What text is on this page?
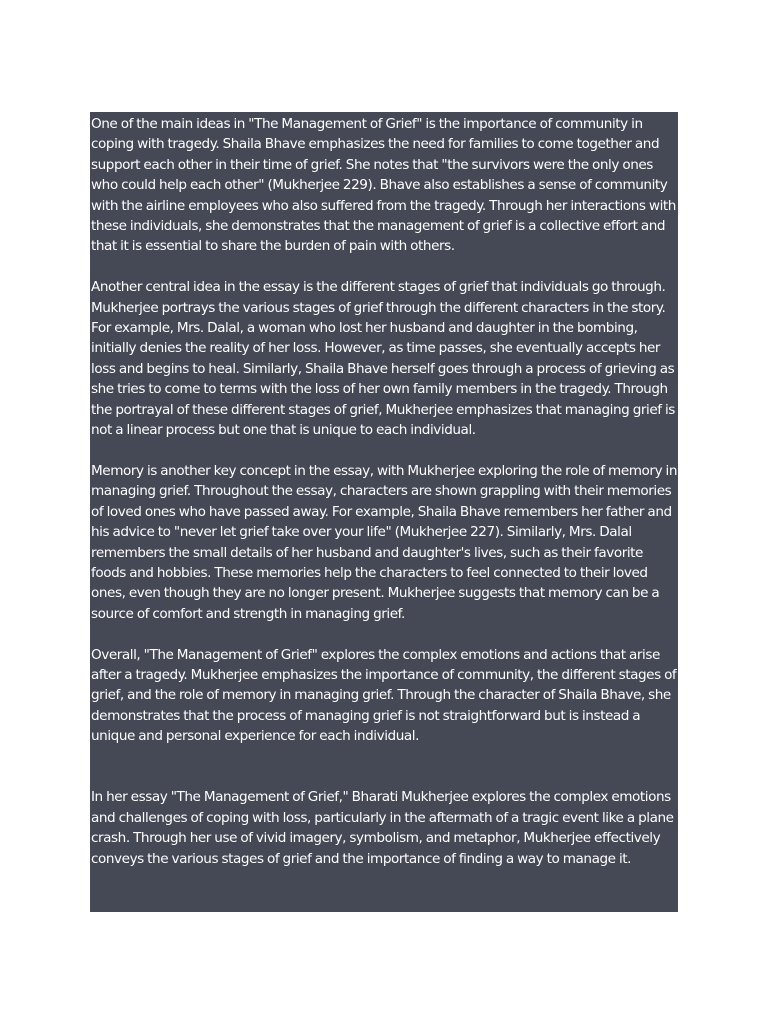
One of the main ideas in "The Management of Grief" is the importance of community in coping with tragedy. Shaila Bhave emphasizes the need for families to come together and support each other in their time of grief. She notes that "the survivors were the only ones who could help each other" (Mukherjee 229). Bhave also establishes a sense of community with the airline employees who also suffered from the tragedy. Through her interactions with these individuals, she demonstrates that the management of grief is a collective effort and that it is essential to share the burden of pain with others.

Another central idea in the essay is the different stages of grief that individuals go through. Mukherjee portrays the various stages of grief through the different characters in the story. For example, Mrs. Dalal, a woman who lost her husband and daughter in the bombing, initially denies the reality of her loss. However, as time passes, she eventually accepts her loss and begins to heal. Similarly, Shaila Bhave herself goes through a process of grieving as she tries to come to terms with the loss of her own family members in the tragedy. Through the portrayal of these different stages of grief, Mukherjee emphasizes that managing grief is not a linear process but one that is unique to each individual.

Memory is another key concept in the essay, with Mukherjee exploring the role of memory in managing grief. Throughout the essay, characters are shown grappling with their memories of loved ones who have passed away. For example, Shaila Bhave remembers her father and his advice to "never let grief take over your life" (Mukherjee 227). Similarly, Mrs. Dalal remembers the small details of her husband and daughter's lives, such as their favorite foods and hobbies. These memories help the characters to feel connected to their loved ones, even though they are no longer present. Mukherjee suggests that memory can be a source of comfort and strength in managing grief.

Overall, "The Management of Grief" explores the complex emotions and actions that arise after a tragedy. Mukherjee emphasizes the importance of community, the different stages of grief, and the role of memory in managing grief. Through the character of Shaila Bhave, she demonstrates that the process of managing grief is not straightforward but is instead a unique and personal experience for each individual.

In her essay "The Management of Grief," Bharati Mukherjee explores the complex emotions and challenges of coping with loss, particularly in the aftermath of a tragic event like a plane crash. Through her use of vivid imagery, symbolism, and metaphor, Mukherjee effectively conveys the various stages of grief and the importance of finding a way to manage it.
